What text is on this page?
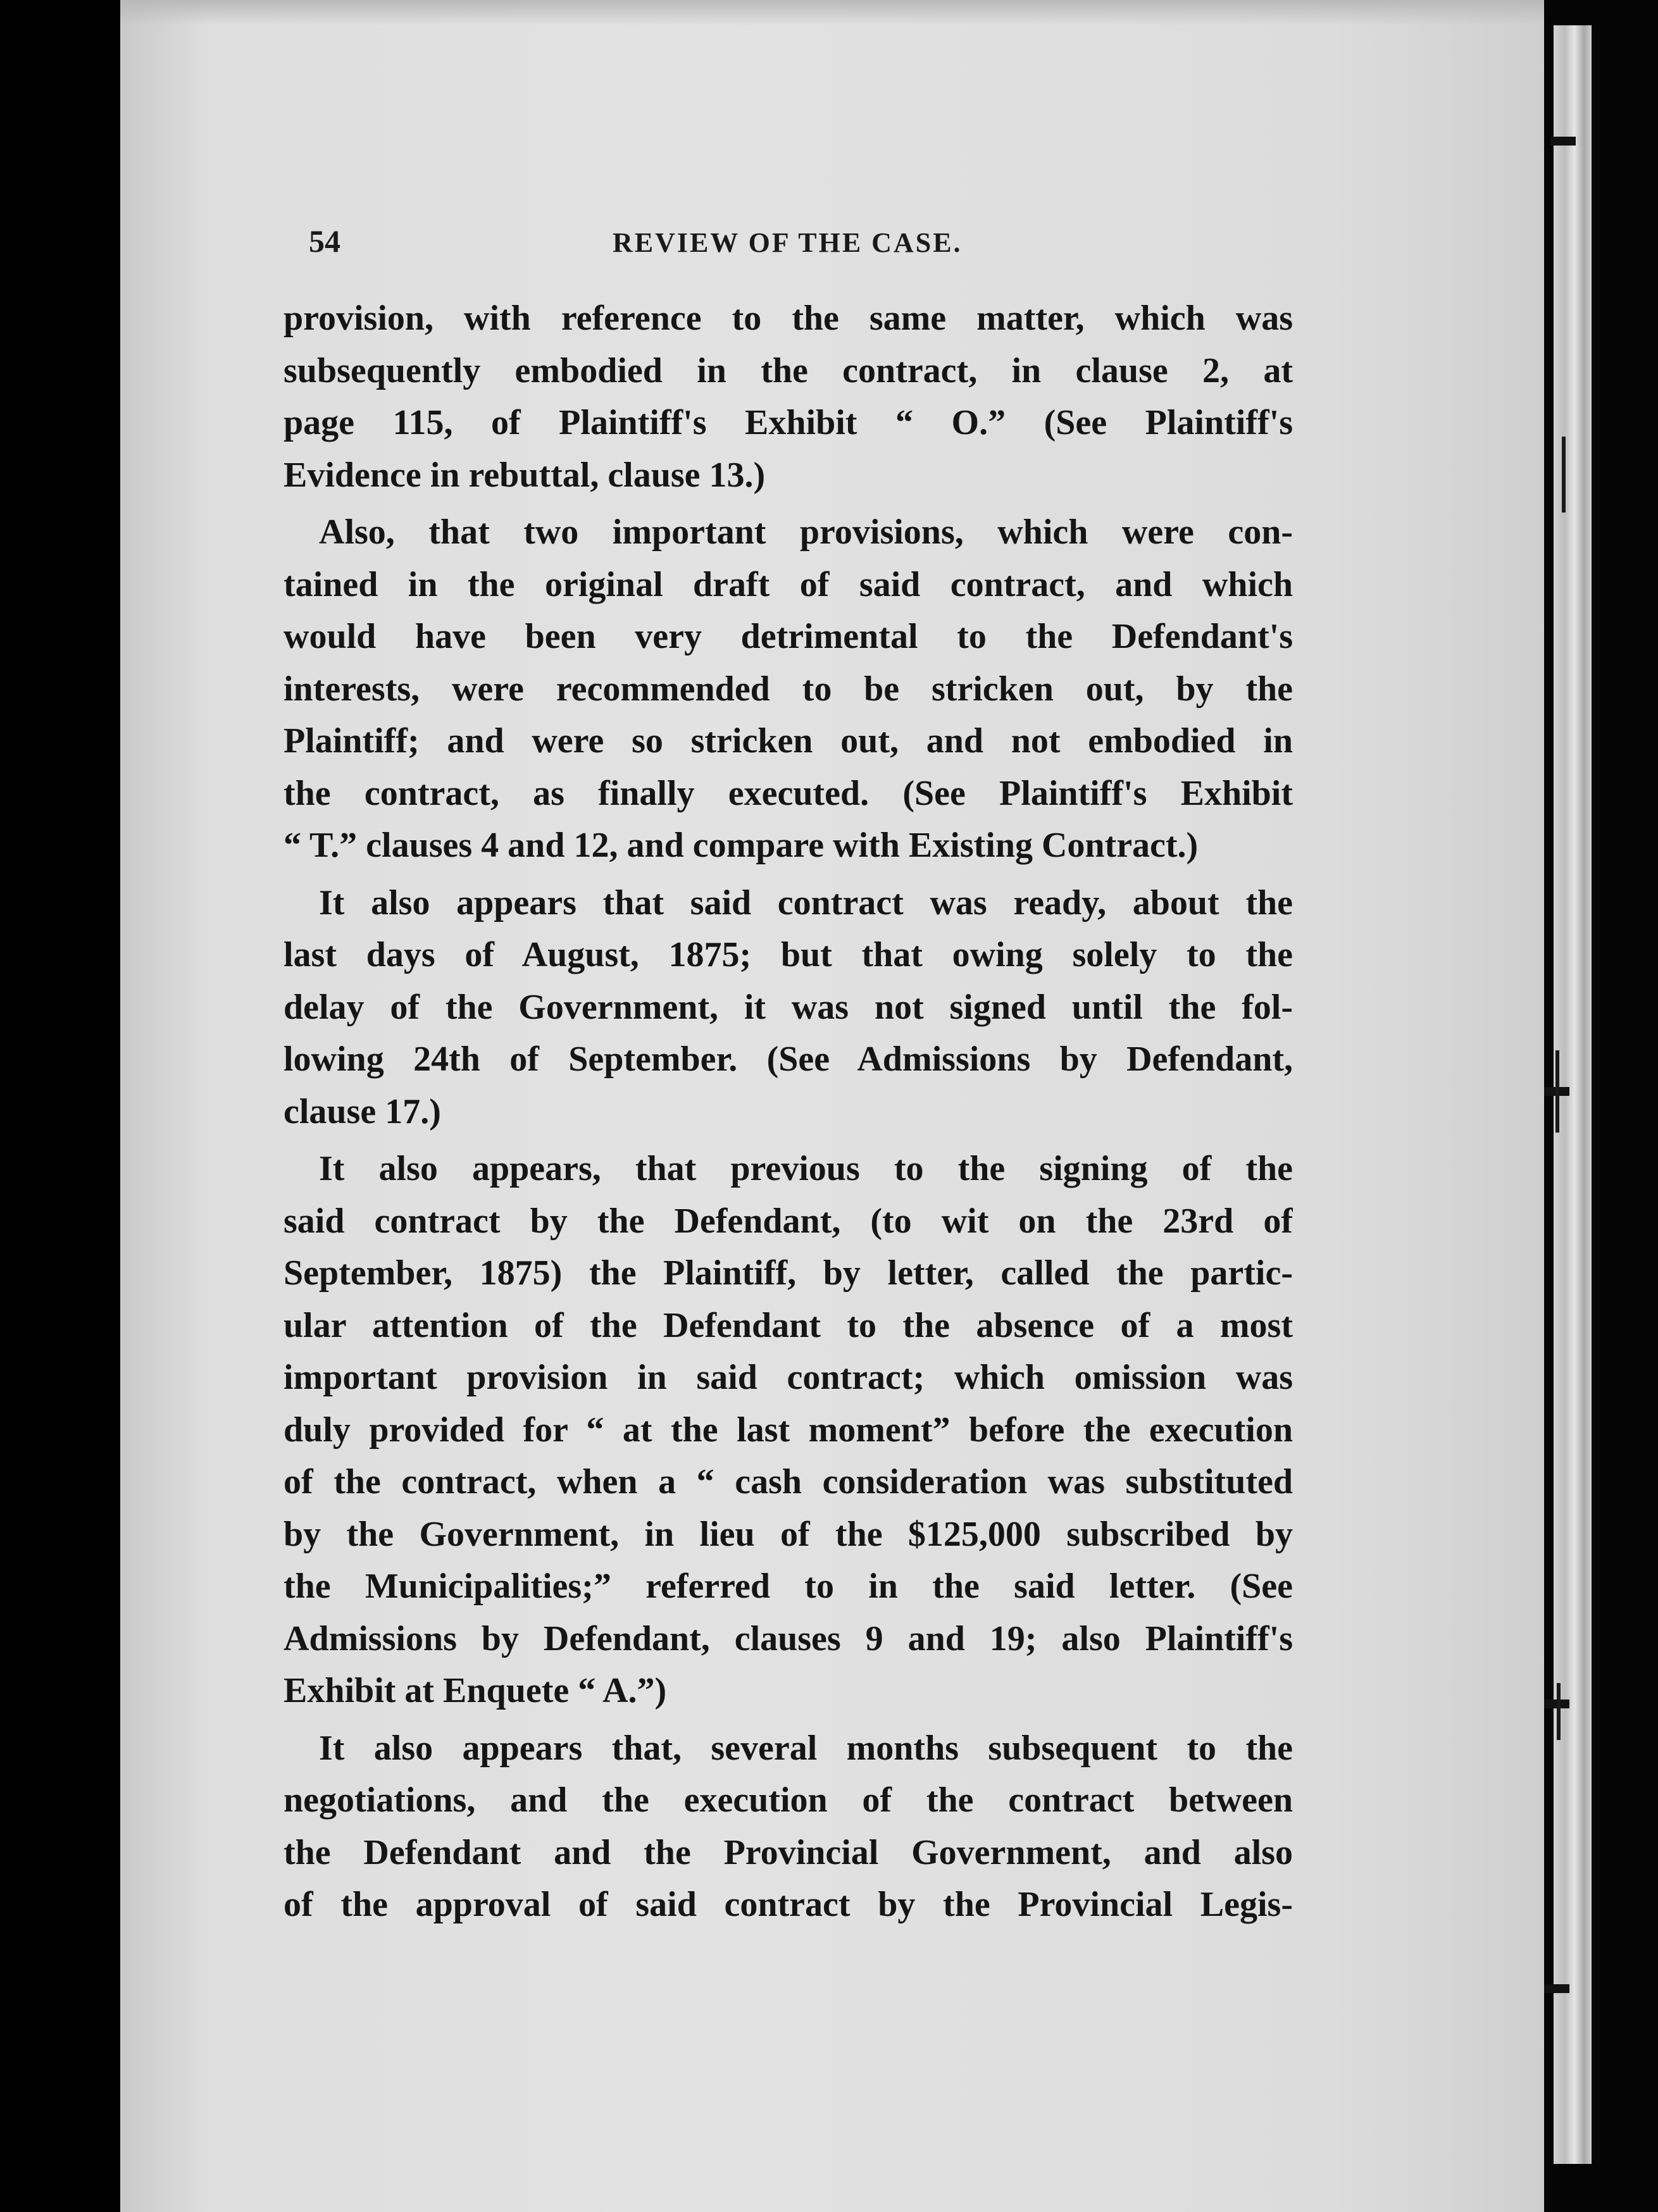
54	REVIEW OF THE CASE.

provision, with reference to the same matter, which was
subsequently embodied in the contract, in clause 2, at
page 115, of Plaintiff's Exhibit “ O.” (See Plaintiff's
Evidence in rebuttal, clause 13.)

Also, that two important provisions, which were con-
tained in the original draft of said contract, and which
would have been very detrimental to the Defendant's
interests, were recommended to be stricken out, by the
Plaintiff; and were so stricken out, and not embodied in
the contract, as finally executed. (See Plaintiff's Exhibit
“ T.” clauses 4 and 12, and compare with Existing Contract.)

It also appears that said contract was ready, about the
last days of August, 1875; but that owing solely to the
delay of the Government, it was not signed until the fol-
lowing 24th of September. (See Admissions by Defendant,
clause 17.)

It also appears, that previous to the signing of the
said contract by the Defendant, (to wit on the 23rd of
September, 1875) the Plaintiff, by letter, called the partic-
ular attention of the Defendant to the absence of a most
important provision in said contract; which omission was
duly provided for “ at the last moment” before the execution
of the contract, when a “ cash consideration was substituted
by the Government, in lieu of the $125,000 subscribed by
the Municipalities;” referred to in the said letter. (See
Admissions by Defendant, clauses 9 and 19; also Plaintiff's
Exhibit at Enquete “ A.”)

It also appears that, several months subsequent to the
negotiations, and the execution of the contract between
the Defendant and the Provincial Government, and also
of the approval of said contract by the Provincial Legis-
